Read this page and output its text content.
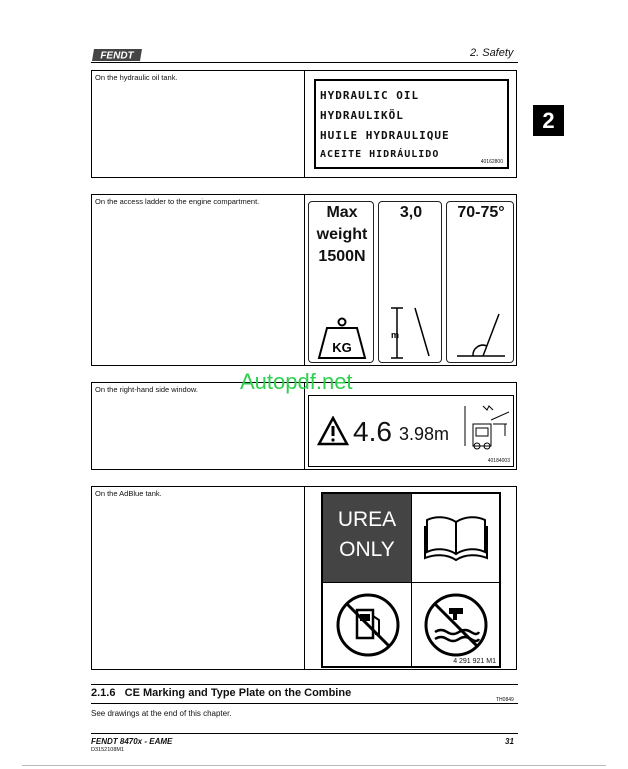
FENDT	2. Safety
2
On the hydraulic oil tank.
HYDRAULIC OIL
HYDRAULIKÖL
HUILE HYDRAULIQUE
ACEITE HIDRÁULIDO
40162800
On the access ladder to the engine compartment.
Max
weight
1500N
KG
3,0
m
70-75°
On the right-hand side window.
4.6 3.98m
40184003
On the AdBlue tank.
UREA
ONLY
4 291 921 M1
Autopdf.net
2.1.6 CE Marking and Type Plate on the Combine
TH0849
See drawings at the end of this chapter.
FENDT 8470x - EAME
D3152108M1
31
